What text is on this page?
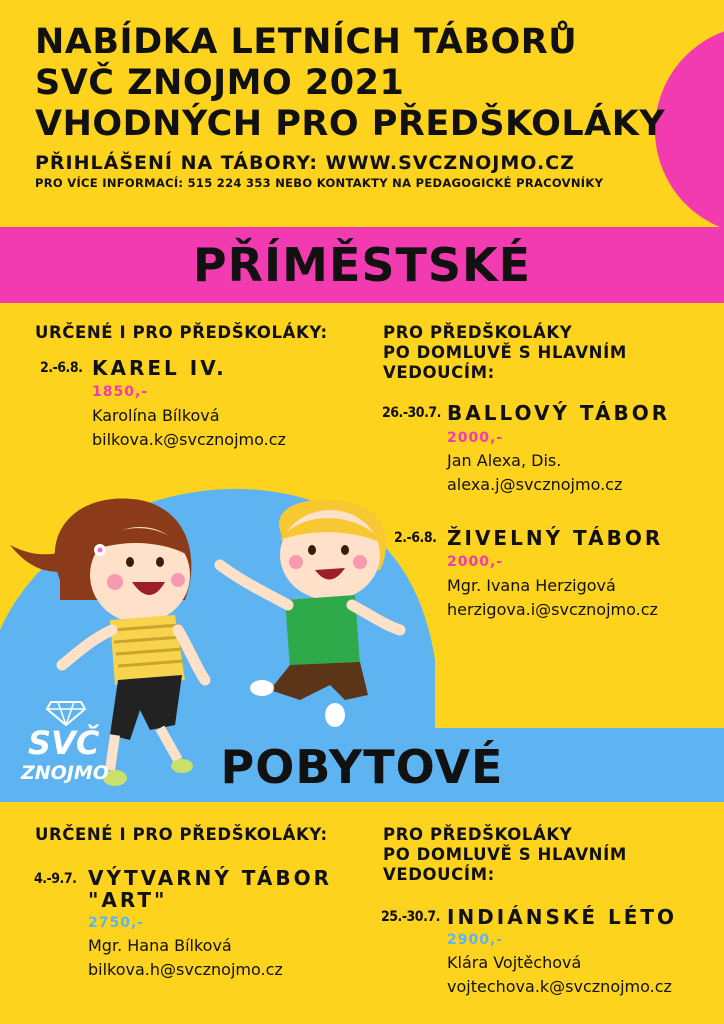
NABÍDKA LETNÍCH TÁBORŮ
SVČ ZNOJMO 2021
VHODNÝCH PRO PŘEDŠKOLÁKY
PŘIHLÁŠENÍ NA TÁBORY: WWW.SVCZNOJMO.CZ
PRO VÍCE INFORMACÍ: 515 224 353 NEBO KONTAKTY NA PEDAGOGICKÉ PRACOVNÍKY
PŘÍMĚSTSKÉ
URČENÉ I PRO PŘEDŠKOLÁKY:	PRO PŘEDŠKOLÁKY
PO DOMLUVĚ S HLAVNÍM
VEDOUCÍM:
2.-6.8. KAREL IV.
1850,-
Karolína Bílková
bilkova.k@svcznojmo.cz
26.-30.7. BALLOVÝ TÁBOR
2000,-
Jan Alexa, Dis.
alexa.j@svcznojmo.cz
2.-6.8. ŽIVELNÝ TÁBOR
2000,-
Mgr. Ivana Herzigová
herzigova.i@svcznojmo.cz
SVČ
ZNOJMO	POBYTOVÉ
URČENÉ I PRO PŘEDŠKOLÁKY:	PRO PŘEDŠKOLÁKY
PO DOMLUVĚ S HLAVNÍM
VEDOUCÍM:
4.-9.7. VÝTVARNÝ TÁBOR
"ART"
2750,-
Mgr. Hana Bílková
bilkova.h@svcznojmo.cz
25.-30.7. INDIÁNSKÉ LÉTO
2900,-
Klára Vojtěchová
vojtechova.k@svcznojmo.cz
